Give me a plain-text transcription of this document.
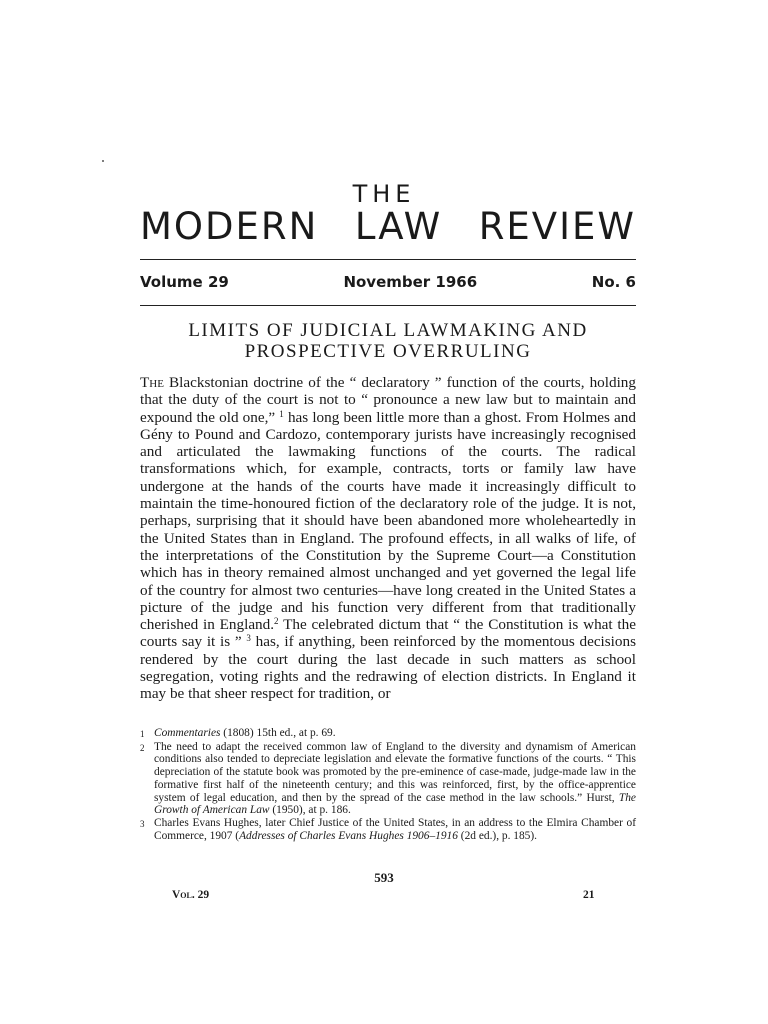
THE
MODERN LAW REVIEW
Volume 29	November 1966	No. 6
LIMITS OF JUDICIAL LAWMAKING AND
PROSPECTIVE OVERRULING
The Blackstonian doctrine of the “ declaratory ” function of the courts, holding that the duty of the court is not to “ pronounce a new law but to maintain and expound the old one,” $^1$ has long been little more than a ghost. From Holmes and Gény to Pound and Cardozo, contemporary jurists have increasingly recognised and articulated the lawmaking functions of the courts. The radical transformations which, for example, contracts, torts or family law have undergone at the hands of the courts have made it increasingly difficult to maintain the time-honoured fiction of the declaratory role of the judge. It is not, perhaps, surprising that it should have been abandoned more wholeheartedly in the United States than in England. The profound effects, in all walks of life, of the interpretations of the Constitution by the Supreme Court—a Constitution which has in theory remained almost unchanged and yet governed the legal life of the country for almost two centuries—have long created in the United States a picture of the judge and his function very different from that traditionally cherished in England.$^2$ The celebrated dictum that “ the Constitution is what the courts say it is ” $^3$ has, if anything, been reinforced by the momentous decisions rendered by the court during the last decade in such matters as school segregation, voting rights and the redrawing of election districts. In England it may be that sheer respect for tradition, or
1 Commentaries (1808) 15th ed., at p. 69.
2 The need to adapt the received common law of England to the diversity and dynamism of American conditions also tended to depreciate legislation and elevate the formative functions of the courts. “ This depreciation of the statute book was promoted by the pre-eminence of case-made, judge-made law in the formative first half of the nineteenth century; and this was reinforced, first, by the office-apprentice system of legal education, and then by the spread of the case method in the law schools.” Hurst, The Growth of American Law (1950), at p. 186.
3 Charles Evans Hughes, later Chief Justice of the United States, in an address to the Elmira Chamber of Commerce, 1907 (Addresses of Charles Evans Hughes 1906–1916 (2d ed.), p. 185).
593
Vol. 29	21
